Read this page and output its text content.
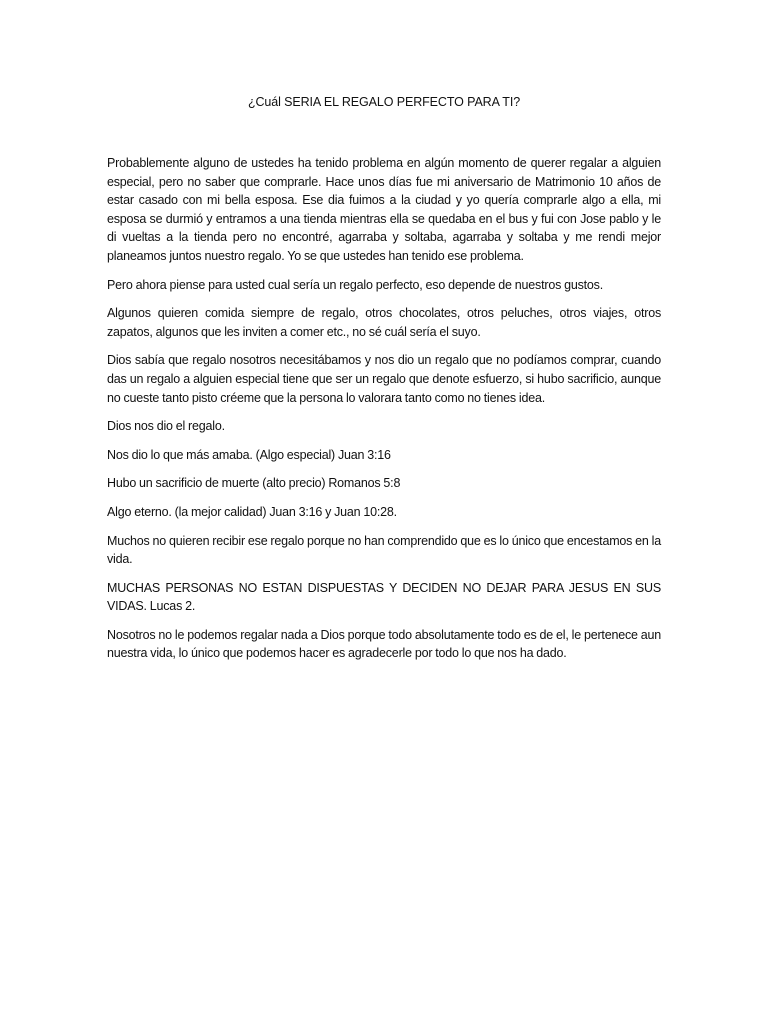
¿Cuál SERIA EL REGALO PERFECTO PARA TI?

Probablemente alguno de ustedes ha tenido problema en algún momento de querer regalar a alguien especial, pero no saber que comprarle. Hace unos días fue mi aniversario de Matrimonio 10 años de estar casado con mi bella esposa. Ese dia fuimos a la ciudad y yo quería comprarle algo a ella, mi esposa se durmió y entramos a una tienda mientras ella se quedaba en el bus y fui con Jose pablo y le di vueltas a la tienda pero no encontré, agarraba y soltaba, agarraba y soltaba y me rendi mejor planeamos juntos nuestro regalo. Yo se que ustedes han tenido ese problema.

Pero ahora piense para usted cual sería un regalo perfecto, eso depende de nuestros gustos.

Algunos quieren comida siempre de regalo, otros chocolates, otros peluches, otros viajes, otros zapatos, algunos que les inviten a comer etc., no sé cuál sería el suyo.

Dios sabía que regalo nosotros necesitábamos y nos dio un regalo que no podíamos comprar, cuando das un regalo a alguien especial tiene que ser un regalo que denote esfuerzo, si hubo sacrificio, aunque no cueste tanto pisto créeme que la persona lo valorara tanto como no tienes idea.

Dios nos dio el regalo.

Nos dio lo que más amaba. (Algo especial) Juan 3:16

Hubo un sacrificio de muerte (alto precio) Romanos 5:8

Algo eterno. (la mejor calidad) Juan 3:16 y Juan 10:28.

Muchos no quieren recibir ese regalo porque no han comprendido que es lo único que encestamos en la vida.

MUCHAS PERSONAS NO ESTAN DISPUESTAS Y DECIDEN NO DEJAR PARA JESUS EN SUS VIDAS. Lucas 2.

Nosotros no le podemos regalar nada a Dios porque todo absolutamente todo es de el, le pertenece aun nuestra vida, lo único que podemos hacer es agradecerle por todo lo que nos ha dado.
